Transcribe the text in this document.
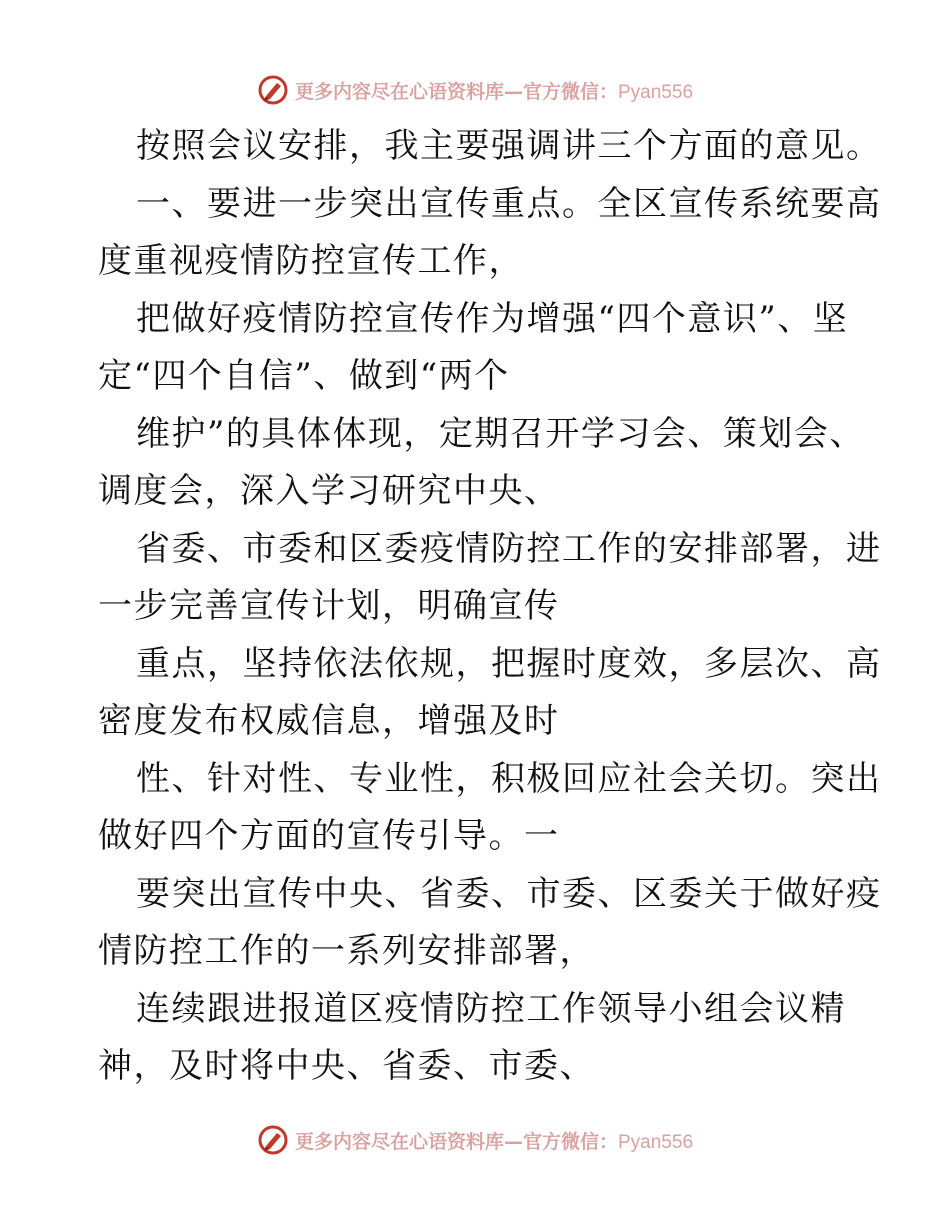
更多内容尽在心语资料库—官方微信：Pyan556
按照会议安排，我主要强调讲三个方面的意见。
一、要进一步突出宣传重点。全区宣传系统要高
度重视疫情防控宣传工作，
把做好疫情防控宣传作为增强“四个意识”、坚
定“四个自信”、做到“两个
维护”的具体体现，定期召开学习会、策划会、
调度会，深入学习研究中央、
省委、市委和区委疫情防控工作的安排部署，进
一步完善宣传计划，明确宣传
重点，坚持依法依规，把握时度效，多层次、高
密度发布权威信息，增强及时
性、针对性、专业性，积极回应社会关切。突出
做好四个方面的宣传引导。一
要突出宣传中央、省委、市委、区委关于做好疫
情防控工作的一系列安排部署，
连续跟进报道区疫情防控工作领导小组会议精
神，及时将中央、省委、市委、
更多内容尽在心语资料库—官方微信：Pyan556
